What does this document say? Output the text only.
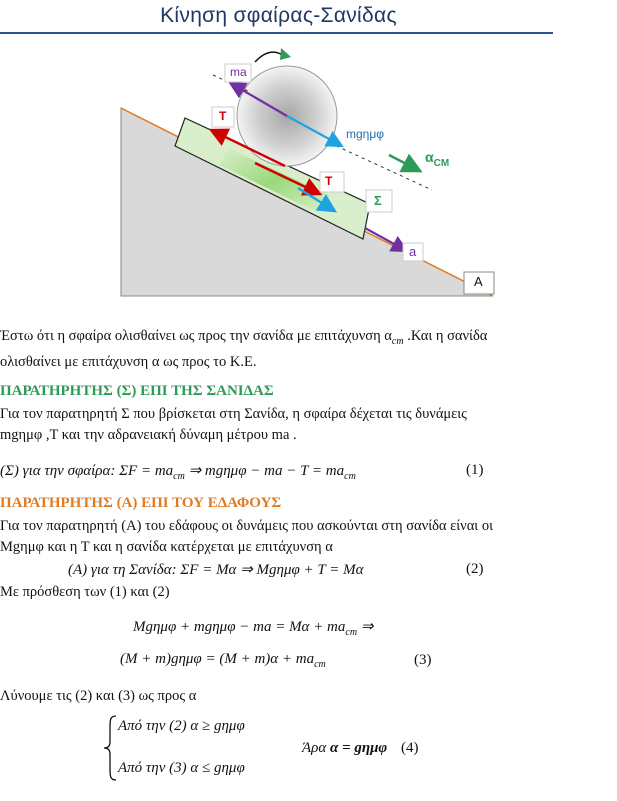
Κίνηση σφαίρας-Σανίδας
ma
T
mgημφ
$\alpha_{CM}$
T
Σ
a
A
Έστω ότι η σφαίρα ολισθαίνει ως προς την σανίδα με επιτάχυνση $\alpha_{cm}$ .Και η σανίδα
ολισθαίνει με επιτάχυνση α ως προς το Κ.Ε.
ΠΑΡΑΤΗΡΗΤΗΣ (Σ) ΕΠΙ ΤΗΣ ΣΑΝΙΔΑΣ
Για τον παρατηρητή Σ που βρίσκεται στη Σανίδα, η σφαίρα δέχεται τις δυνάμεις
mgημφ ,Τ και την αδρανειακή δύναμη μέτρου ma .
(Σ) για την σφαίρα: $\Sigma F = ma_{cm}$ ⇒ mgημφ − ma − $T = ma_{cm}$	(1)
ΠΑΡΑΤΗΡΗΤΗΣ (Α) ΕΠΙ ΤΟΥ ΕΔΑΦΟΥΣ
Για τον παρατηρητή (Α) του εδάφους οι δυνάμεις που ασκούνται στη σανίδα είναι οι
Μgημφ και η Τ και η σανίδα κατέρχεται με επιτάχυνση α
(A) για τη Σανίδα: ΣF = Mα ⇒ Mgημφ + T = Mα	(2)
Με πρόσθεση των (1) και (2)
Mgημφ + mgημφ − ma = $M\alpha + ma_{cm}$ ⇒
$(M + m)g\eta\mu\varphi = (M + m)\alpha + ma_{cm}$	(3)
Λύνουμε τις (2) και (3) ως προς α
Από την (2) α ≥ gημφ
Από την (3) α ≤ gημφ
Άρα α = gημφ (4)
